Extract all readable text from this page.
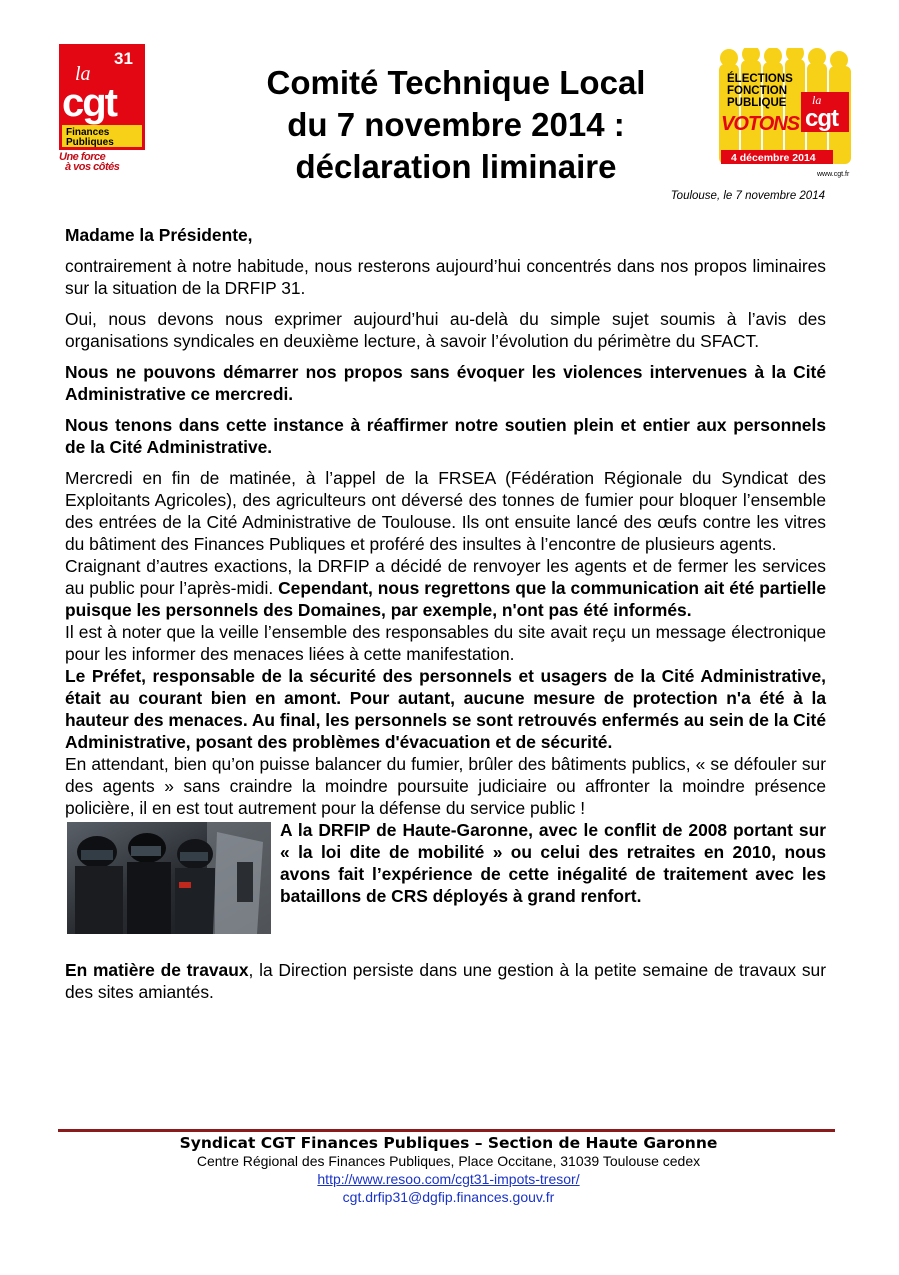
31
la
cgt
Finances
Publiques
Une force
à vos côtés
Comité Technique Local
du 7 novembre 2014 :
déclaration liminaire
ÉLECTIONS
FONCTION
PUBLIQUE la
cgt
VOTONS
4 décembre 2014
www.cgt.fr
Toulouse, le 7 novembre 2014

Madame la Présidente,

contrairement à notre habitude, nous resterons aujourd’hui concentrés dans nos propos liminaires sur la situation de la DRFIP 31.

Oui, nous devons nous exprimer aujourd’hui au-delà du simple sujet soumis à l’avis des organisations syndicales en deuxième lecture, à savoir l’évolution du périmètre du SFACT.

Nous ne pouvons démarrer nos propos sans évoquer les violences intervenues à la Cité Administrative ce mercredi.

Nous tenons dans cette instance à réaffirmer notre soutien plein et entier aux personnels de la Cité Administrative.

Mercredi en fin de matinée, à l’appel de la FRSEA (Fédération Régionale du Syndicat des Exploitants Agricoles), des agriculteurs ont déversé des tonnes de fumier pour bloquer l’ensemble des entrées de la Cité Administrative de Toulouse. Ils ont ensuite lancé des œufs contre les vitres du bâtiment des Finances Publiques et proféré des insultes à l’encontre de plusieurs agents.

Craignant d’autres exactions, la DRFIP a décidé de renvoyer les agents et de fermer les services au public pour l’après-midi. Cependant, nous regrettons que la communication ait été partielle puisque les personnels des Domaines, par exemple, n'ont pas été informés.

Il est à noter que la veille l’ensemble des responsables du site avait reçu un message électronique pour les informer des menaces liées à cette manifestation.

Le Préfet, responsable de la sécurité des personnels et usagers de la Cité Administrative, était au courant bien en amont. Pour autant, aucune mesure de protection n'a été à la hauteur des menaces. Au final, les personnels se sont retrouvés enfermés au sein de la Cité Administrative, posant des problèmes d'évacuation et de sécurité.

En attendant, bien qu’on puisse balancer du fumier, brûler des bâtiments publics, « se défouler sur des agents » sans craindre la moindre poursuite judiciaire ou affronter la moindre présence policière, il en est tout autrement pour la défense du service public !

A la DRFIP de Haute-Garonne, avec le conflit de 2008 portant sur « la loi dite de mobilité » ou celui des retraites en 2010, nous avons fait l’expérience de cette inégalité de traitement avec les bataillons de CRS déployés à grand renfort.

En matière de travaux, la Direction persiste dans une gestion à la petite semaine de travaux sur des sites amiantés.

Syndicat CGT Finances Publiques – Section de Haute Garonne
Centre Régional des Finances Publiques, Place Occitane, 31039 Toulouse cedex
http://www.resoo.com/cgt31-impots-tresor/
cgt.drfip31@dgfip.finances.gouv.fr
